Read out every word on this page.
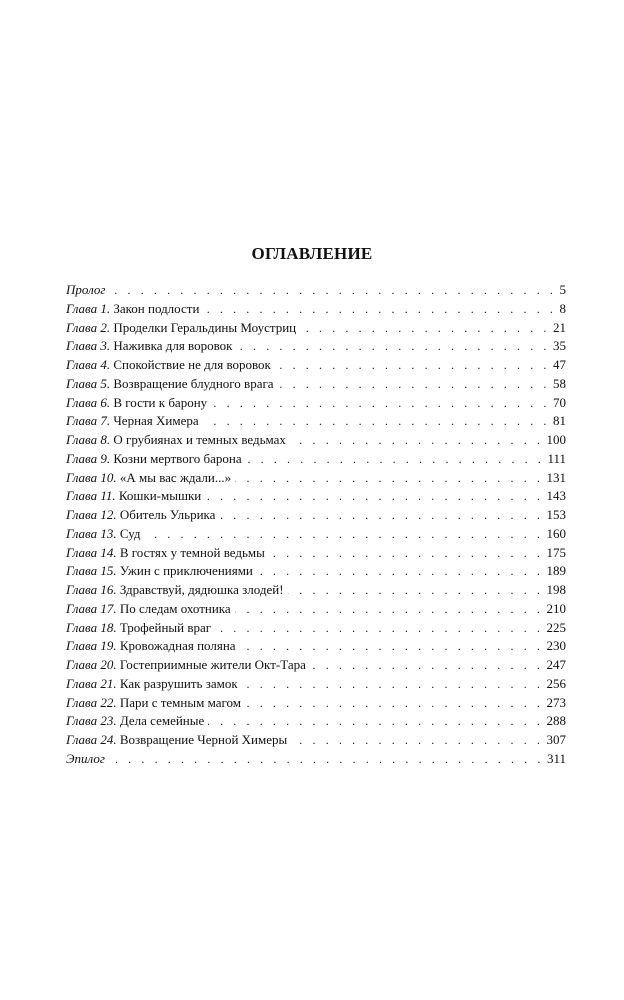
ОГЛАВЛЕНИЕ
Пролог . . .	5
Глава 1. Закон подлости . . .	8
Глава 2. Проделки Геральдины Моустриц . . .	21
Глава 3. Наживка для воровок . . .	35
Глава 4. Спокойствие не для воровок . . .	47
Глава 5. Возвращение блудного врага . . .	58
Глава 6. В гости к барону . . .	70
Глава 7. Черная Химера . . .	81
Глава 8. О грубиянах и темных ведьмах . . .	100
Глава 9. Козни мертвого барона . . .	111
Глава 10. «А мы вас ждали...» . . .	131
Глава 11. Кошки-мышки . . .	143
Глава 12. Обитель Ульрика . . .	153
Глава 13. Суд . . .	160
Глава 14. В гостях у темной ведьмы . . .	175
Глава 15. Ужин с приключениями . . .	189
Глава 16. Здравствуй, дядюшка злодей! . . .	198
Глава 17. По следам охотника . . .	210
Глава 18. Трофейный враг . . .	225
Глава 19. Кровожадная поляна . . .	230
Глава 20. Гостеприимные жители Окт-Тара . . .	247
Глава 21. Как разрушить замок . . .	256
Глава 22. Пари с темным магом . . .	273
Глава 23. Дела семейные . . .	288
Глава 24. Возвращение Черной Химеры . . .	307
Эпилог . . .	311
